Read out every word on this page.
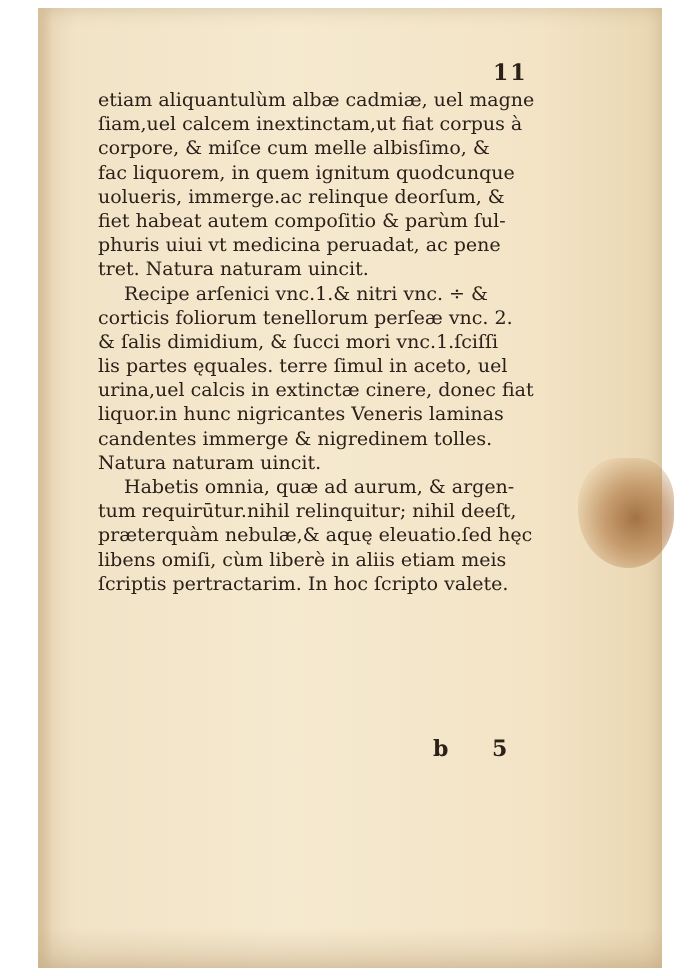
11
etiam aliquantulùm albæ cadmiæ, uel magne
ſiam,uel calcem inextinctam,ut fiat corpus à
corpore, & miſce cum melle albisſimo, &
fac liquorem, in quem ignitum quodcunque
uolueris, immerge.ac relinque deorſum, &
fiet habeat autem compoſitio & parùm ſul-
phuris uiui vt medicina peruadat, ac pene
tret. Natura naturam uincit.
Recipe arſenici vnc.1.& nitri vnc. ÷ &
corticis foliorum tenellorum perſeæ vnc. 2.
& ſalis dimidium, & ſucci mori vnc.1.ſciſſi
lis partes ęquales. terre ſimul in aceto, uel
urina,uel calcis in extinctæ cinere, donec fiat
liquor.in hunc nigricantes Veneris laminas
candentes immerge & nigredinem tolles.
Natura naturam uincit.
Habetis omnia, quæ ad aurum, & argen-
tum requirūtur.nihil relinquitur; nihil deeſt,
præterquàm nebulæ,& aquę eleuatio.ſed hęc
libens omiſi, cùm liberè in aliis etiam meis
ſcriptis pertractarim. In hoc ſcripto valete.
b 5
